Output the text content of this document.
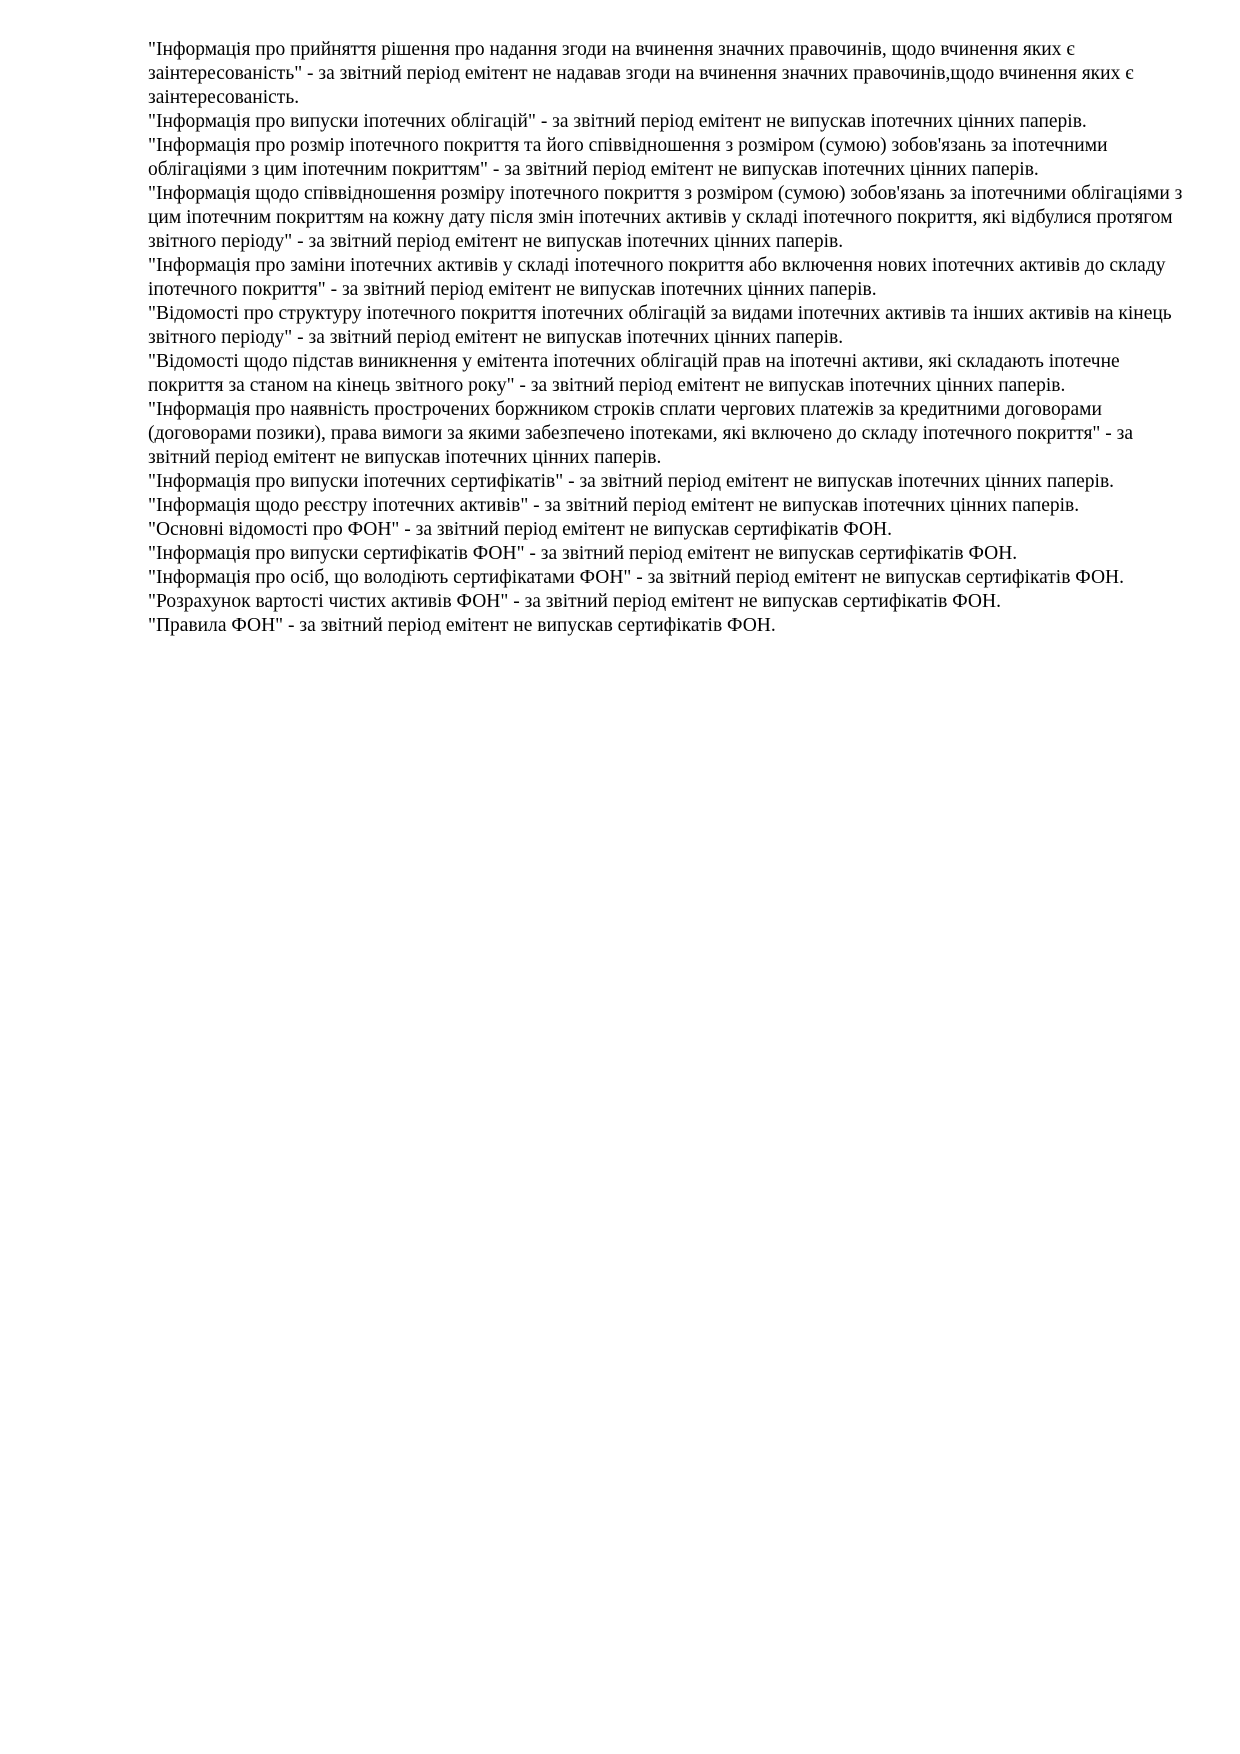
"Інформація про прийняття рішення про надання згоди на вчинення значних правочинів, щодо вчинення яких є заінтересованість" - за звітний період емітент не надавав згоди на вчинення значних правочинів,щодо вчинення яких є заінтересованість.

"Інформація про випуски іпотечних облігацій" - за звітний період емітент не випускав іпотечних цінних паперів.

"Інформація про розмір іпотечного покриття та його співвідношення з розміром (сумою) зобов'язань за іпотечними облігаціями з цим іпотечним покриттям" - за звітний період емітент не випускав іпотечних цінних паперів.

"Інформація щодо співвідношення розміру іпотечного покриття з розміром (сумою) зобов'язань за іпотечними облігаціями з цим іпотечним покриттям на кожну дату після змін іпотечних активів у складі іпотечного покриття, які відбулися протягом звітного періоду" - за звітний період емітент не випускав іпотечних цінних паперів.

"Інформація про заміни іпотечних активів у складі іпотечного покриття або включення нових іпотечних активів до складу іпотечного покриття" - за звітний період емітент не випускав іпотечних цінних паперів.

"Відомості про структуру іпотечного покриття іпотечних облігацій за видами іпотечних активів та інших активів на кінець звітного періоду" - за звітний період емітент не випускав іпотечних цінних паперів.

"Відомості щодо підстав виникнення у емітента іпотечних облігацій прав на іпотечні активи, які складають іпотечне покриття за станом на кінець звітного року" - за звітний період емітент не випускав іпотечних цінних паперів.

"Інформація про наявність прострочених боржником строків сплати чергових платежів за кредитними договорами (договорами позики), права вимоги за якими забезпечено іпотеками, які включено до складу іпотечного покриття" - за звітний період емітент не випускав іпотечних цінних паперів.

"Інформація про випуски іпотечних сертифікатів" - за звітний період емітент не випускав іпотечних цінних паперів.

"Інформація щодо реєстру іпотечних активів" - за звітний період емітент не випускав іпотечних цінних паперів.

"Основні відомості про ФОН" - за звітний період емітент не випускав сертифікатів ФОН.

"Інформація про випуски сертифікатів ФОН" - за звітний період емітент не випускав сертифікатів ФОН.

"Інформація про осіб, що володіють сертифікатами ФОН" - за звітний період емітент не випускав сертифікатів ФОН.

"Розрахунок вартості чистих активів ФОН" - за звітний період емітент не випускав сертифікатів ФОН.

"Правила ФОН" - за звітний період емітент не випускав сертифікатів ФОН.
